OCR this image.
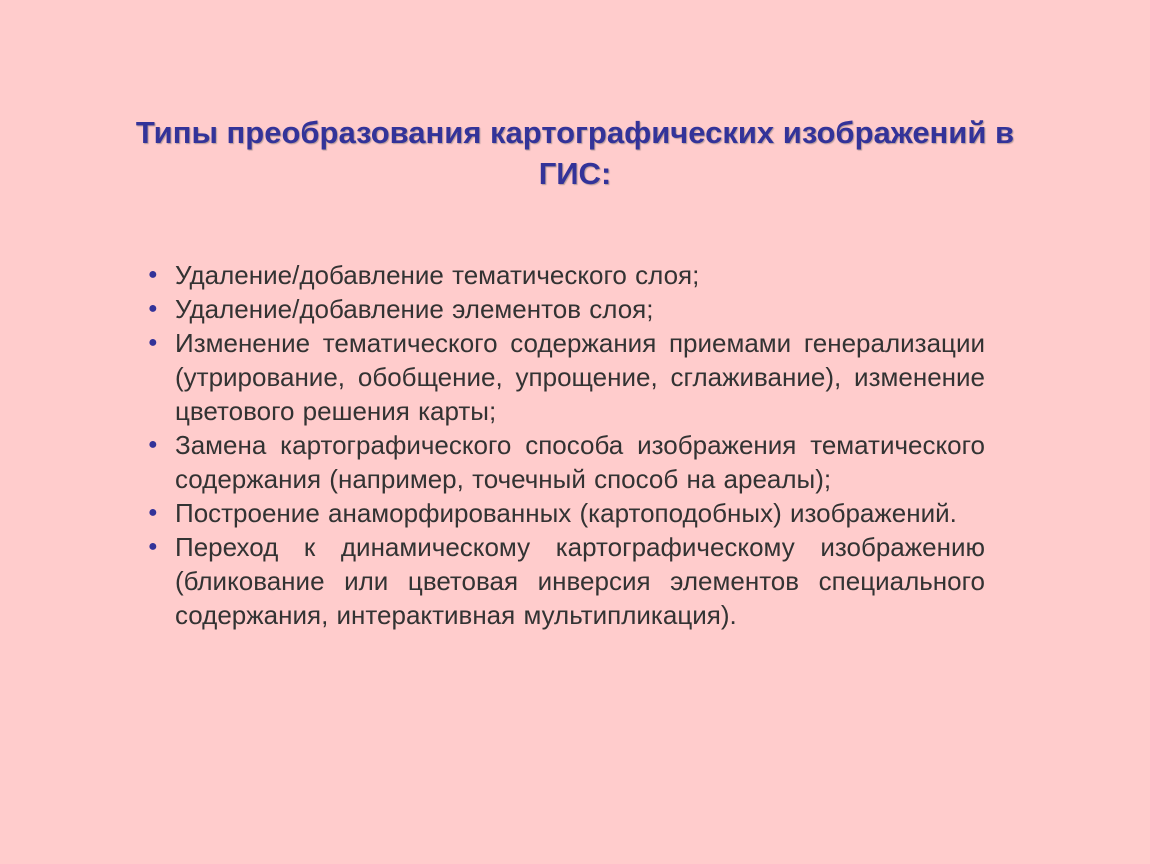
Типы преобразования картографических изображений в ГИС:
● Удаление/добавление тематического слоя;
● Удаление/добавление элементов слоя;
● Изменение тематического содержания приемами генерализации (утрирование, обобщение, упрощение, сглаживание), изменение цветового решения карты;
● Замена картографического способа изображения тематического содержания (например, точечный способ на ареалы);
● Построение анаморфированных (картоподобных) изображений.
● Переход к динамическому картографическому изображению (бликование или цветовая инверсия элементов специального содержания, интерактивная мультипликация).
